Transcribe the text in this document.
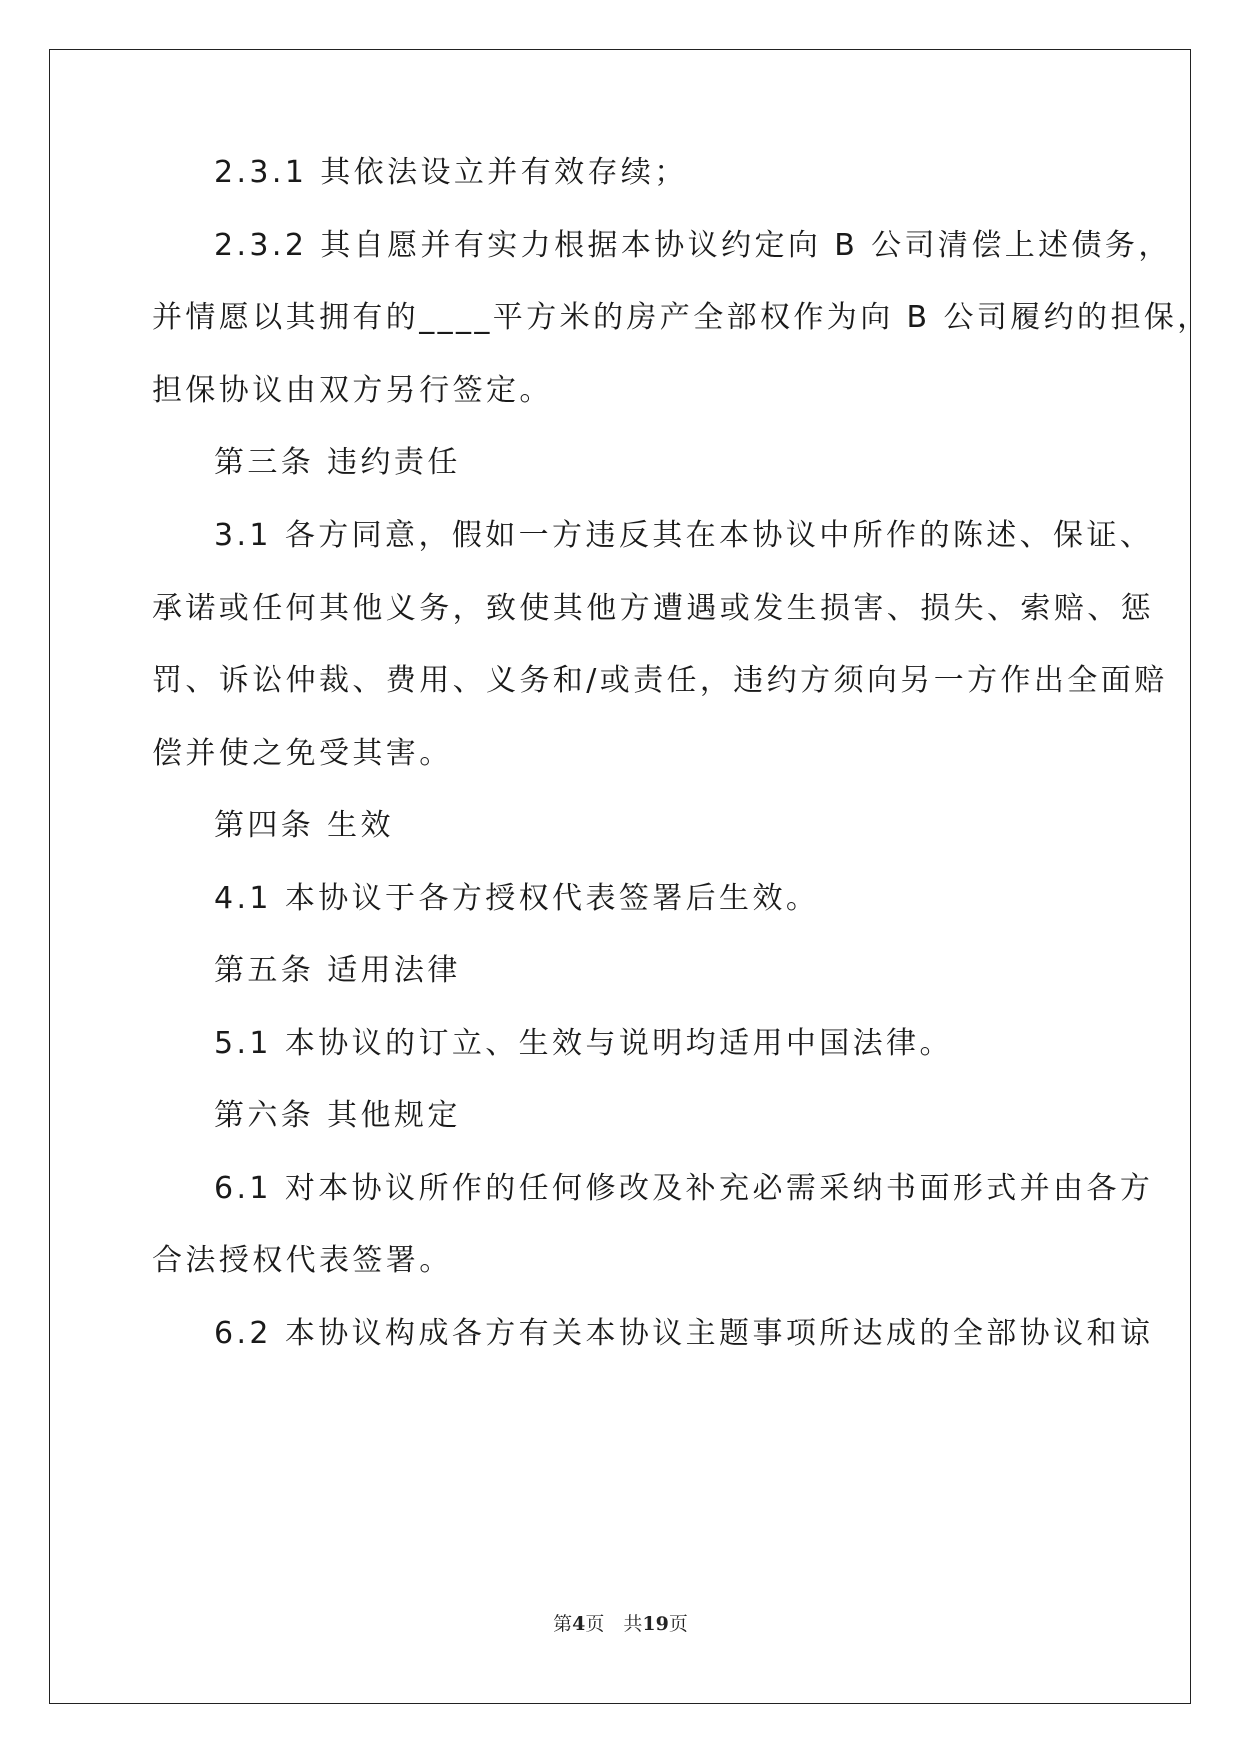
2.3.1 其依法设立并有效存续；
2.3.2 其自愿并有实力根据本协议约定向 B 公司清偿上述债务，
并情愿以其拥有的____平方米的房产全部权作为向 B 公司履约的担保，
担保协议由双方另行签定。
第三条 违约责任
3.1 各方同意，假如一方违反其在本协议中所作的陈述、保证、
承诺或任何其他义务，致使其他方遭遇或发生损害、损失、索赔、惩
罚、诉讼仲裁、费用、义务和/或责任，违约方须向另一方作出全面赔
偿并使之免受其害。
第四条 生效
4.1 本协议于各方授权代表签署后生效。
第五条 适用法律
5.1 本协议的订立、生效与说明均适用中国法律。
第六条 其他规定
6.1 对本协议所作的任何修改及补充必需采纳书面形式并由各方
合法授权代表签署。
6.2 本协议构成各方有关本协议主题事项所达成的全部协议和谅
第4页　共19页
